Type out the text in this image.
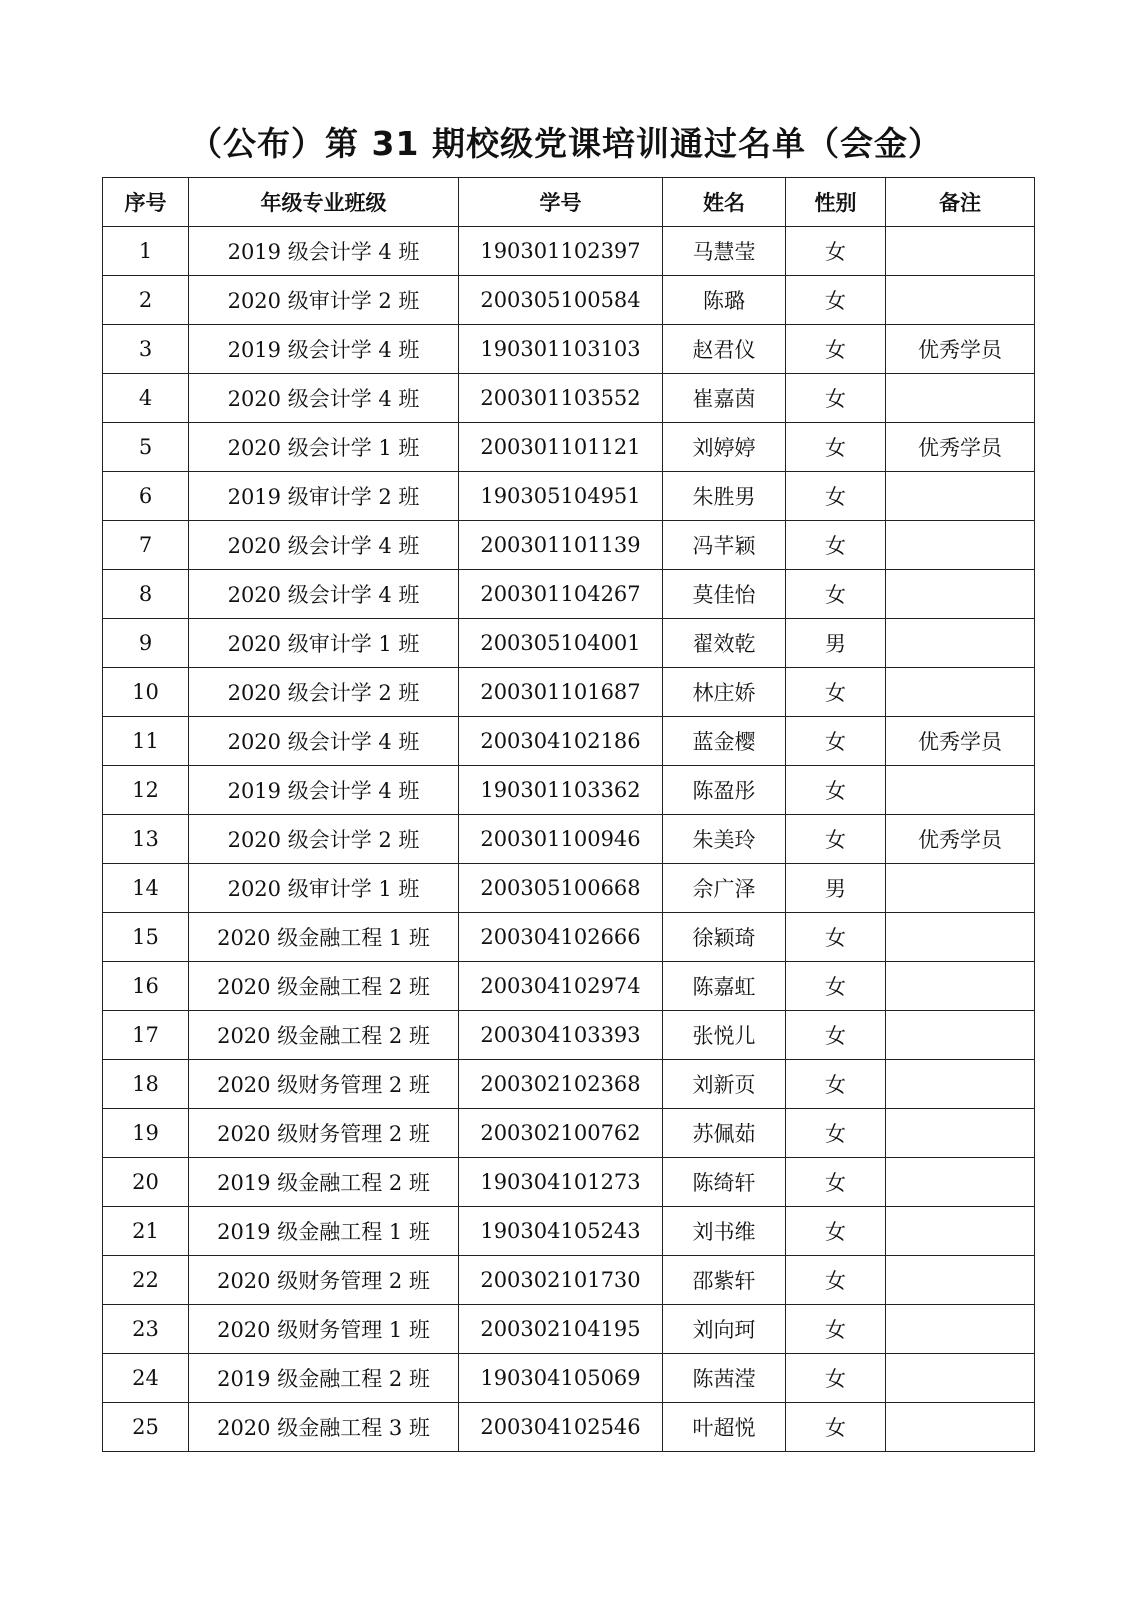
（公布）第 31 期校级党课培训通过名单（会金）
序号	年级专业班级	学号	姓名	性别	备注
1	2019 级会计学 4 班	190301102397	马慧莹	女	
2	2020 级审计学 2 班	200305100584	陈璐	女	
3	2019 级会计学 4 班	190301103103	赵君仪	女	优秀学员
4	2020 级会计学 4 班	200301103552	崔嘉茵	女	
5	2020 级会计学 1 班	200301101121	刘婷婷	女	优秀学员
6	2019 级审计学 2 班	190305104951	朱胜男	女	
7	2020 级会计学 4 班	200301101139	冯芊颖	女	
8	2020 级会计学 4 班	200301104267	莫佳怡	女	
9	2020 级审计学 1 班	200305104001	翟效乾	男	
10	2020 级会计学 2 班	200301101687	林庄娇	女	
11	2020 级会计学 4 班	200304102186	蓝金樱	女	优秀学员
12	2019 级会计学 4 班	190301103362	陈盈彤	女	
13	2020 级会计学 2 班	200301100946	朱美玲	女	优秀学员
14	2020 级审计学 1 班	200305100668	佘广泽	男	
15	2020 级金融工程 1 班	200304102666	徐颖琦	女	
16	2020 级金融工程 2 班	200304102974	陈嘉虹	女	
17	2020 级金融工程 2 班	200304103393	张悦儿	女	
18	2020 级财务管理 2 班	200302102368	刘新页	女	
19	2020 级财务管理 2 班	200302100762	苏佩茹	女	
20	2019 级金融工程 2 班	190304101273	陈绮轩	女	
21	2019 级金融工程 1 班	190304105243	刘书维	女	
22	2020 级财务管理 2 班	200302101730	邵紫轩	女	
23	2020 级财务管理 1 班	200302104195	刘向珂	女	
24	2019 级金融工程 2 班	190304105069	陈茜滢	女	
25	2020 级金融工程 3 班	200304102546	叶超悦	女	
